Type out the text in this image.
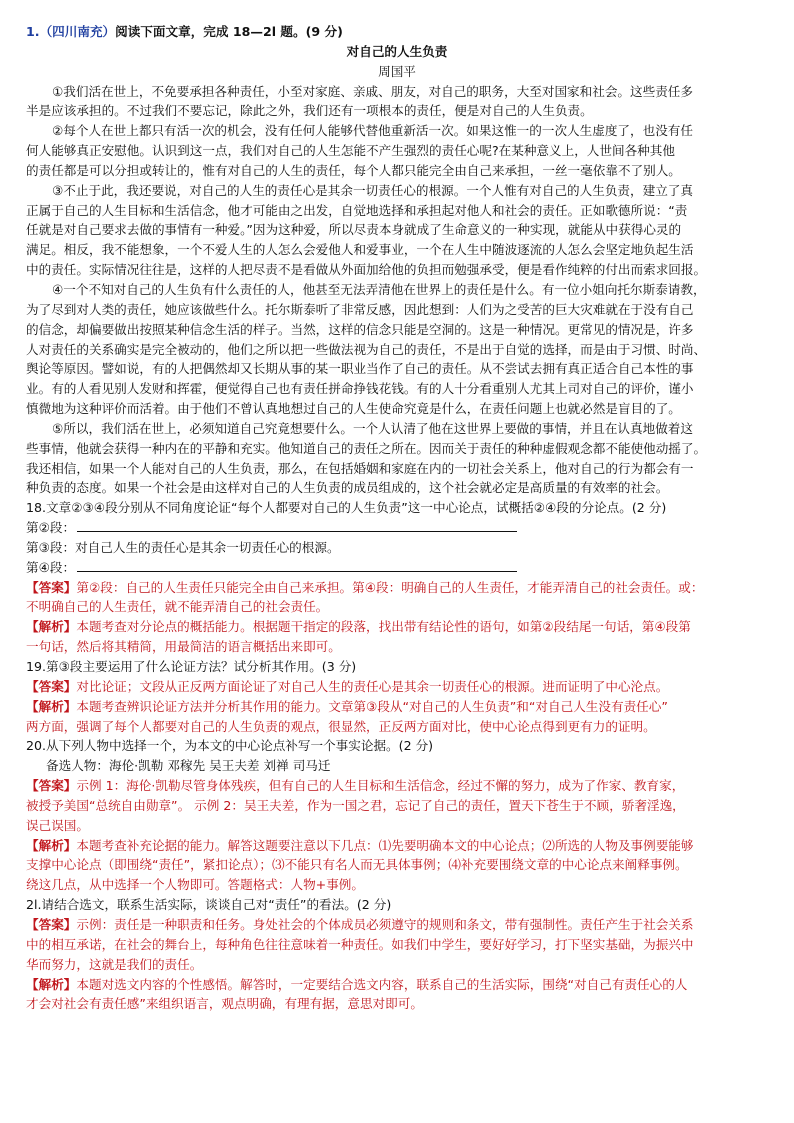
1.（四川南充）阅读下面文章，完成 18—2l 题。(9 分)
对自己的人生负责
周国平
①我们活在世上，不免要承担各种责任，小至对家庭、亲戚、朋友，对自己的职务，大至对国家和社会。这些责任多
半是应该承担的。不过我们不要忘记，除此之外，我们还有一项根本的责任，便是对自己的人生负责。
②每个人在世上都只有活一次的机会，没有任何人能够代替他重新活一次。如果这惟一的一次人生虚度了，也没有任
何人能够真正安慰他。认识到这一点，我们对自己的人生怎能不产生强烈的责任心呢?在某种意义上，人世间各种其他
的责任都是可以分担或转让的，惟有对自己的人生的责任，每个人都只能完全由自己来承担，一丝一毫依靠不了别人。
③不止于此，我还要说，对自己的人生的责任心是其余一切责任心的根源。一个人惟有对自己的人生负责，建立了真
正属于自己的人生目标和生活信念，他才可能由之出发，自觉地选择和承担起对他人和社会的责任。正如歌德所说：“责
任就是对自己要求去做的事情有一种爱。”因为这种爱，所以尽责本身就成了生命意义的一种实现，就能从中获得心灵的
满足。相反，我不能想象，一个不爱人生的人怎么会爱他人和爱事业，一个在人生中随波逐流的人怎么会坚定地负起生活
中的责任。实际情况往往是，这样的人把尽责不是看做从外面加给他的负担而勉强承受，便是看作纯粹的付出而索求回报。
④一个不知对自己的人生负有什么责任的人，他甚至无法弄清他在世界上的责任是什么。有一位小姐向托尔斯泰请教，
为了尽到对人类的责任，她应该做些什么。托尔斯泰听了非常反感，因此想到：人们为之受苦的巨大灾难就在于没有自己
的信念，却偏要做出按照某种信念生活的样子。当然，这样的信念只能是空洞的。这是一种情况。更常见的情况是，许多
人对责任的关系确实是完全被动的，他们之所以把一些做法视为自己的责任，不是出于自觉的选择，而是由于习惯、时尚、
舆论等原因。譬如说，有的人把偶然却又长期从事的某一职业当作了自己的责任。从不尝试去拥有真正适合自己本性的事
业。有的人看见别人发财和挥霍，便觉得自己也有责任拼命挣钱花钱。有的人十分看重别人尤其上司对自己的评价，谨小
慎微地为这种评价而活着。由于他们不曾认真地想过自己的人生使命究竟是什么，在责任问题上也就必然是盲目的了。
⑤所以，我们活在世上，必须知道自己究竟想要什么。一个人认清了他在这世界上要做的事情，并且在认真地做着这
些事情，他就会获得一种内在的平静和充实。他知道自己的责任之所在。因而关于责任的种种虚假观念都不能使他动摇了。
我还相信，如果一个人能对自己的人生负责，那么，在包括婚姻和家庭在内的一切社会关系上，他对自己的行为都会有一
种负责的态度。如果一个社会是由这样对自己的人生负责的成员组成的，这个社会就必定是高质量的有效率的社会。
18.文章②③④段分别从不同角度论证“每个人都要对自己的人生负责”这一中心论点，试概括②④段的分论点。(2 分)
第②段：
第③段：对自己人生的责任心是其余一切责任心的根源。
第④段：
【答案】第②段：自己的人生责任只能完全由自己来承担。第④段：明确自己的人生责任，才能弄清自己的社会责任。或：
不明确自己的人生责任，就不能弄清自己的社会责任。
【解析】本题考查对分论点的概括能力。根据题干指定的段落，找出带有结论性的语句，如第②段结尾一句话，第④段第
一句话，然后将其精简，用最简洁的语言概括出来即可。
19.第③段主要运用了什么论证方法？试分析其作用。(3 分)
【答案】对比论证；文段从正反两方面论证了对自己人生的责任心是其余一切责任心的根源。进而证明了中心沦点。
【解析】本题考查辨识论证方法并分析其作用的能力。文章第③段从“对自己的人生负责”和“对自己人生没有责任心”
两方面，强调了每个人都要对自己的人生负责的观点，很显然，正反两方面对比，使中心论点得到更有力的证明。
20.从下列人物中选择一个，为本文的中心论点补写一个事实论据。(2 分)
备选人物：海伦·凯勒 邓稼先 吴王夫差 刘禅 司马迁
【答案】示例 1：海伦·凯勒尽管身体残疾，但有自己的人生目标和生活信念，经过不懈的努力，成为了作家、教育家，
被授予美国“总统自由勋章”。 示例 2：吴王夫差，作为一国之君，忘记了自己的责任，置天下苍生于不顾，骄奢淫逸，
误己误国。
【解析】本题考查补充论据的能力。解答这题要注意以下几点：⑴先要明确本文的中心论点；⑵所选的人物及事例要能够
支撑中心论点（即围绕“责任”，紧扣论点）；⑶不能只有名人而无具体事例；⑷补充要围绕文章的中心论点来阐释事例。
绕这几点，从中选择一个人物即可。答题格式：人物+事例。
2l.请结合选文，联系生活实际，谈谈自己对“责任”的看法。(2 分)
【答案】示例：责任是一种职责和任务。身处社会的个体成员必须遵守的规则和条文，带有强制性。责任产生于社会关系
中的相互承诺，在社会的舞台上，每种角色往往意味着一种责任。如我们中学生，要好好学习，打下坚实基础，为振兴中
华而努力，这就是我们的责任。
【解析】本题对选文内容的个性感悟。解答时，一定要结合选文内容，联系自己的生活实际，围绕“对自己有责任心的人
才会对社会有责任感”来组织语言，观点明确，有理有据，意思对即可。
